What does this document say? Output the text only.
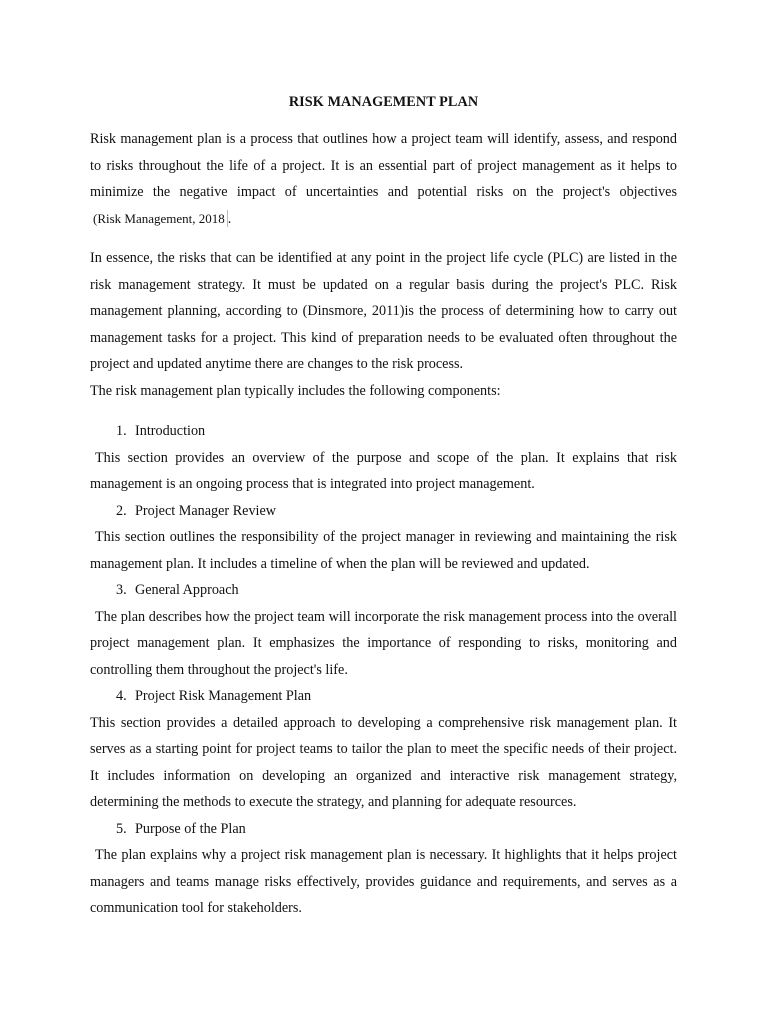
RISK MANAGEMENT PLAN

Risk management plan is a process that outlines how a project team will identify, assess, and respond to risks throughout the life of a project. It is an essential part of project management as it helps to minimize the negative impact of uncertainties and potential risks on the project's objectives (Risk Management, 2018 .

In essence, the risks that can be identified at any point in the project life cycle (PLC) are listed in the risk management strategy. It must be updated on a regular basis during the project's PLC. Risk management planning, according to (Dinsmore, 2011)is the process of determining how to carry out management tasks for a project. This kind of preparation needs to be evaluated often throughout the project and updated anytime there are changes to the risk process.

The risk management plan typically includes the following components:

1. Introduction

This section provides an overview of the purpose and scope of the plan. It explains that risk management is an ongoing process that is integrated into project management.

2. Project Manager Review

This section outlines the responsibility of the project manager in reviewing and maintaining the risk management plan. It includes a timeline of when the plan will be reviewed and updated.

3. General Approach

The plan describes how the project team will incorporate the risk management process into the overall project management plan. It emphasizes the importance of responding to risks, monitoring and controlling them throughout the project's life.

4. Project Risk Management Plan

This section provides a detailed approach to developing a comprehensive risk management plan. It serves as a starting point for project teams to tailor the plan to meet the specific needs of their project. It includes information on developing an organized and interactive risk management strategy, determining the methods to execute the strategy, and planning for adequate resources.

5. Purpose of the Plan

The plan explains why a project risk management plan is necessary. It highlights that it helps project managers and teams manage risks effectively, provides guidance and requirements, and serves as a communication tool for stakeholders.
